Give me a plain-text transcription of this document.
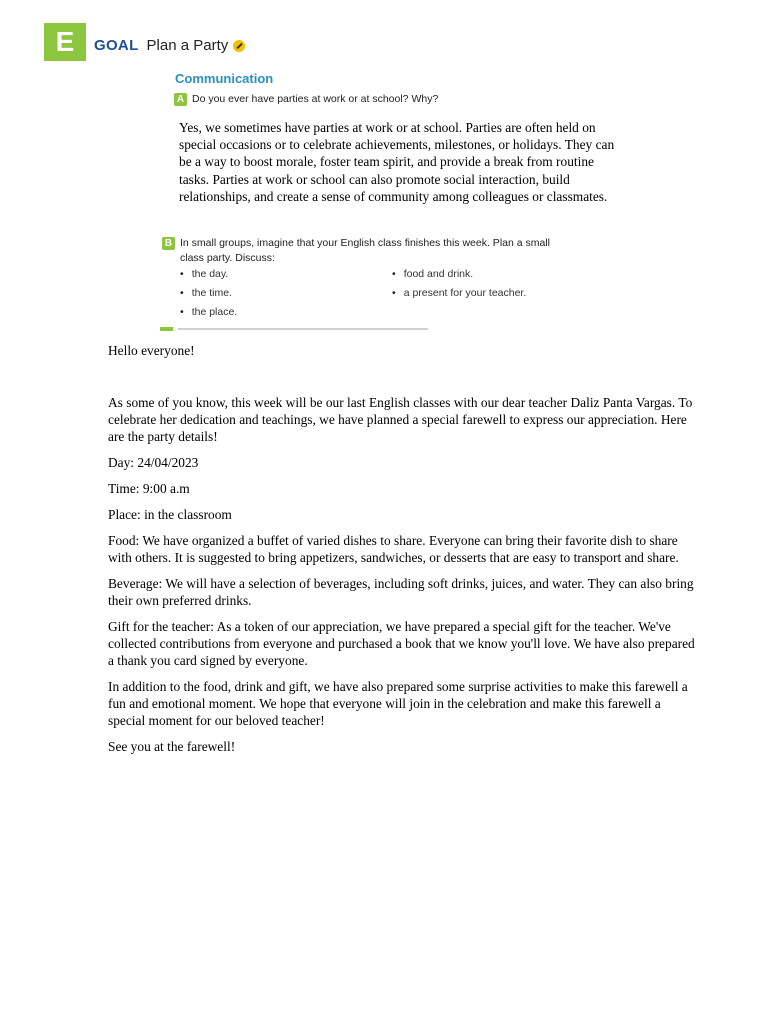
E	GOAL Plan a Party
Communication
A Do you ever have parties at work or at school? Why?
Yes, we sometimes have parties at work or at school. Parties are often held on special occasions or to celebrate achievements, milestones, or holidays. They can be a way to boost morale, foster team spirit, and provide a break from routine tasks. Parties at work or school can also promote social interaction, build relationships, and create a sense of community among colleagues or classmates.
B In small groups, imagine that your English class finishes this week. Plan a small class party. Discuss:
• the day.
• the time.
• the place.
• food and drink.
• a present for your teacher.

Hello everyone!

As some of you know, this week will be our last English classes with our dear teacher Daliz Panta Vargas. To celebrate her dedication and teachings, we have planned a special farewell to express our appreciation. Here are the party details!

Day: 24/04/2023

Time: 9:00 a.m

Place: in the classroom

Food: We have organized a buffet of varied dishes to share. Everyone can bring their favorite dish to share with others. It is suggested to bring appetizers, sandwiches, or desserts that are easy to transport and share.

Beverage: We will have a selection of beverages, including soft drinks, juices, and water. They can also bring their own preferred drinks.

Gift for the teacher: As a token of our appreciation, we have prepared a special gift for the teacher. We've collected contributions from everyone and purchased a book that we know you'll love. We have also prepared a thank you card signed by everyone.

In addition to the food, drink and gift, we have also prepared some surprise activities to make this farewell a fun and emotional moment. We hope that everyone will join in the celebration and make this farewell a special moment for our beloved teacher!

See you at the farewell!
